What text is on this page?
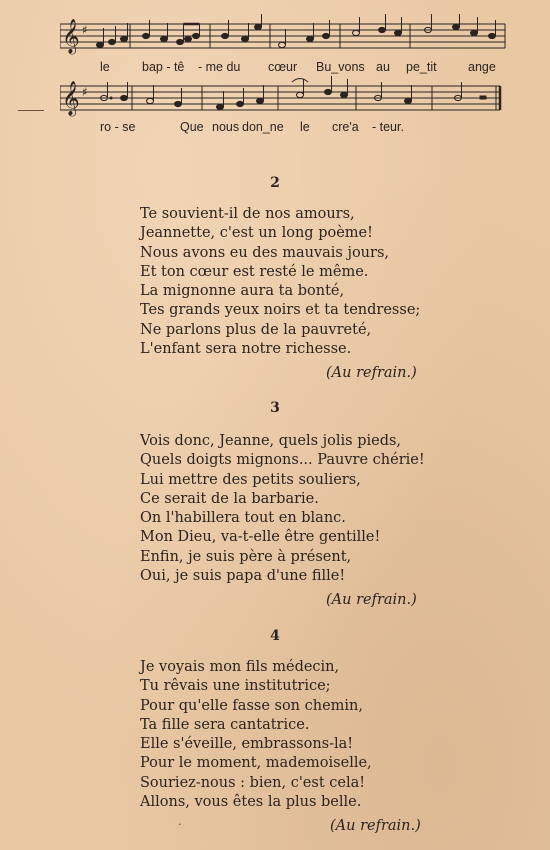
𝄞 ♯
le	bap - tê - me du cœur Bu_vons au pe_tit	ange
𝄞 ♯
ro - se	Que nous don_ne le cre'a - teur.
2
Te souvient-il de nos amours,
Jeannette, c'est un long poème!
Nous avons eu des mauvais jours,
Et ton cœur est resté le même.
La mignonne aura ta bonté,
Tes grands yeux noirs et ta tendresse;
Ne parlons plus de la pauvreté,
L'enfant sera notre richesse.
(Au refrain.)
3
Vois donc, Jeanne, quels jolis pieds,
Quels doigts mignons... Pauvre chérie!
Lui mettre des petits souliers,
Ce serait de la barbarie.
On l'habillera tout en blanc.
Mon Dieu, va-t-elle être gentille!
Enfin, je suis père à présent,
Oui, je suis papa d'une fille!
(Au refrain.)
4
Je voyais mon fils médecin,
Tu rêvais une institutrice;
Pour qu'elle fasse son chemin,
Ta fille sera cantatrice.
Elle s'éveille, embrassons-la!
Pour le moment, mademoiselle,
Souriez-nous : bien, c'est cela!
Allons, vous êtes la plus belle.
(Au refrain.)
·
